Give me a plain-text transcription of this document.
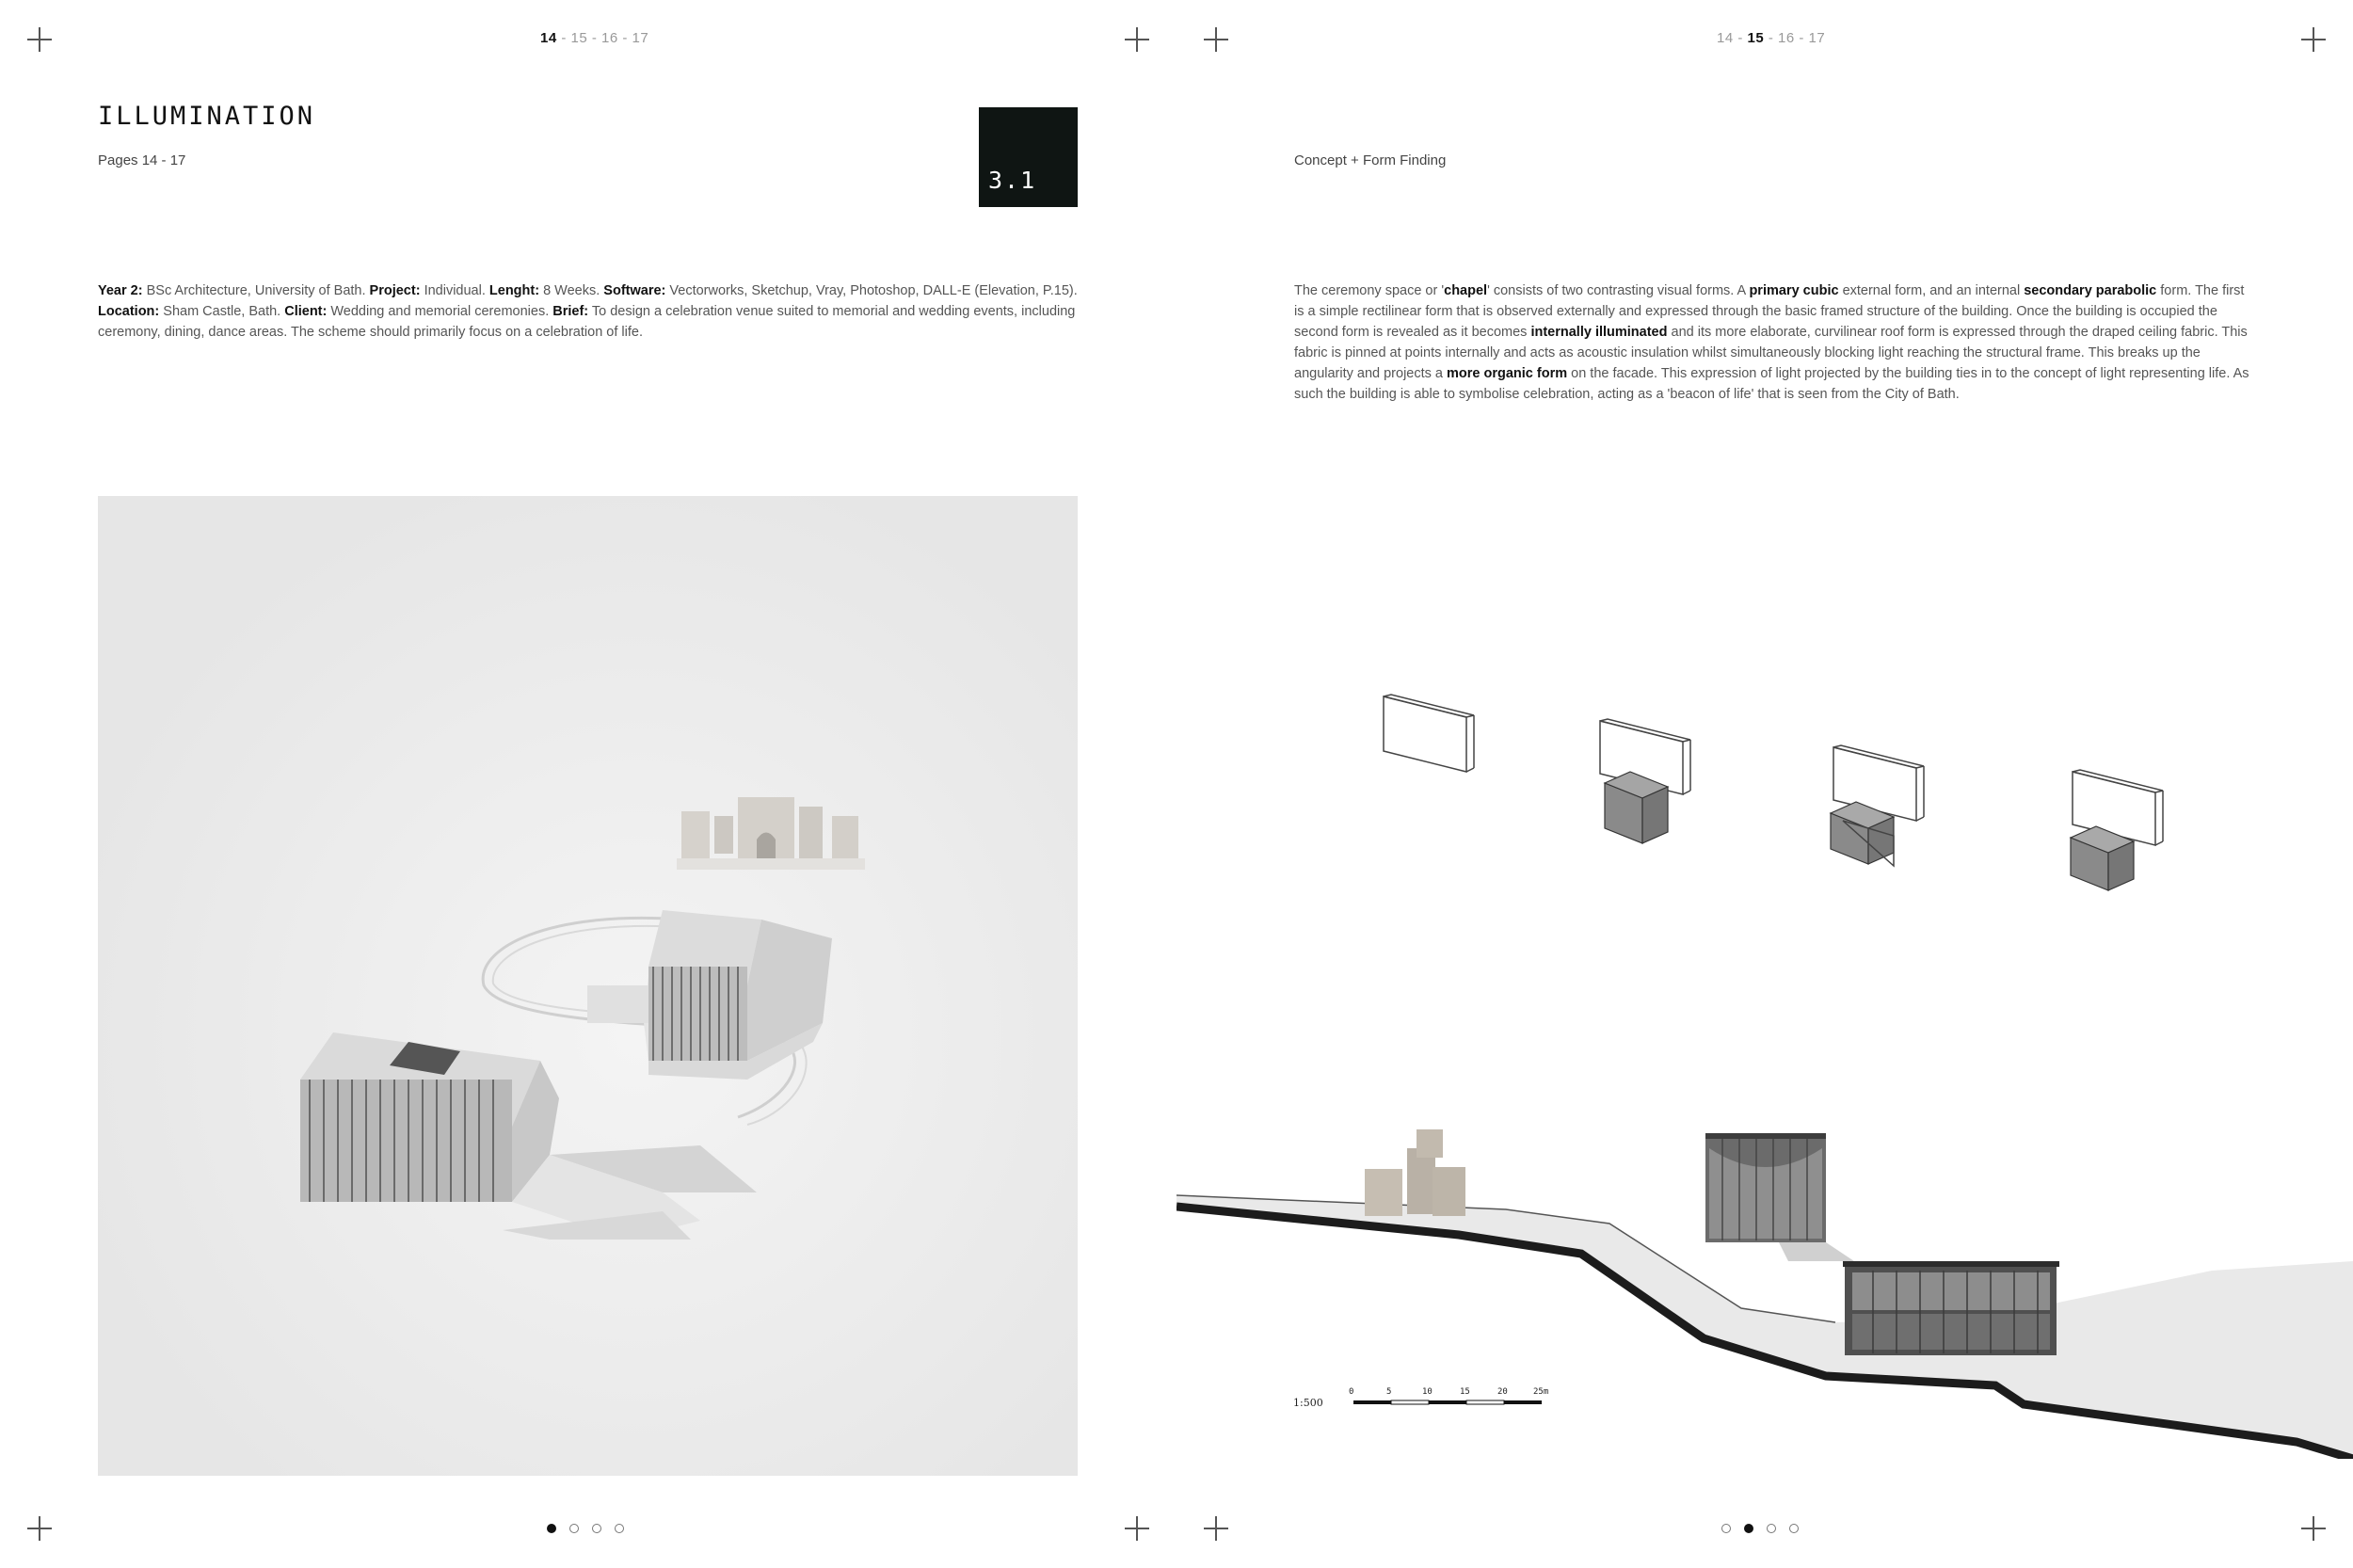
14 - 15 - 16 - 17
ILLUMINATION
Pages 14 - 17
3.1
Year 2: BSc Architecture, University of Bath. Project: Individual. Lenght: 8 Weeks. Software: Vectorworks, Sketchup, Vray, Photoshop, DALL-E (Elevation, P.15). Location: Sham Castle, Bath. Client: Wedding and memorial ceremonies. Brief: To design a celebration venue suited to memorial and wedding events, including ceremony, dining, dance areas. The scheme should primarily focus on a celebration of life.
14 - 15 - 16 - 17
Concept + Form Finding
The ceremony space or 'chapel' consists of two contrasting visual forms. A primary cubic external form, and an internal secondary parabolic form. The first is a simple rectilinear form that is observed externally and expressed through the basic framed structure of the building. Once the building is occupied the second form is revealed as it becomes internally illuminated and its more elaborate, curvilinear roof form is expressed through the draped ceiling fabric. This fabric is pinned at points internally and acts as acoustic insulation whilst simultaneously blocking light reaching the structural frame. This breaks up the angularity and projects a more organic form on the facade. This expression of light projected by the building ties in to the concept of light representing life. As such the building is able to symbolise celebration, acting as a 'beacon of life' that is seen from the City of Bath.
1:500
0	5	10	15	20	25m
